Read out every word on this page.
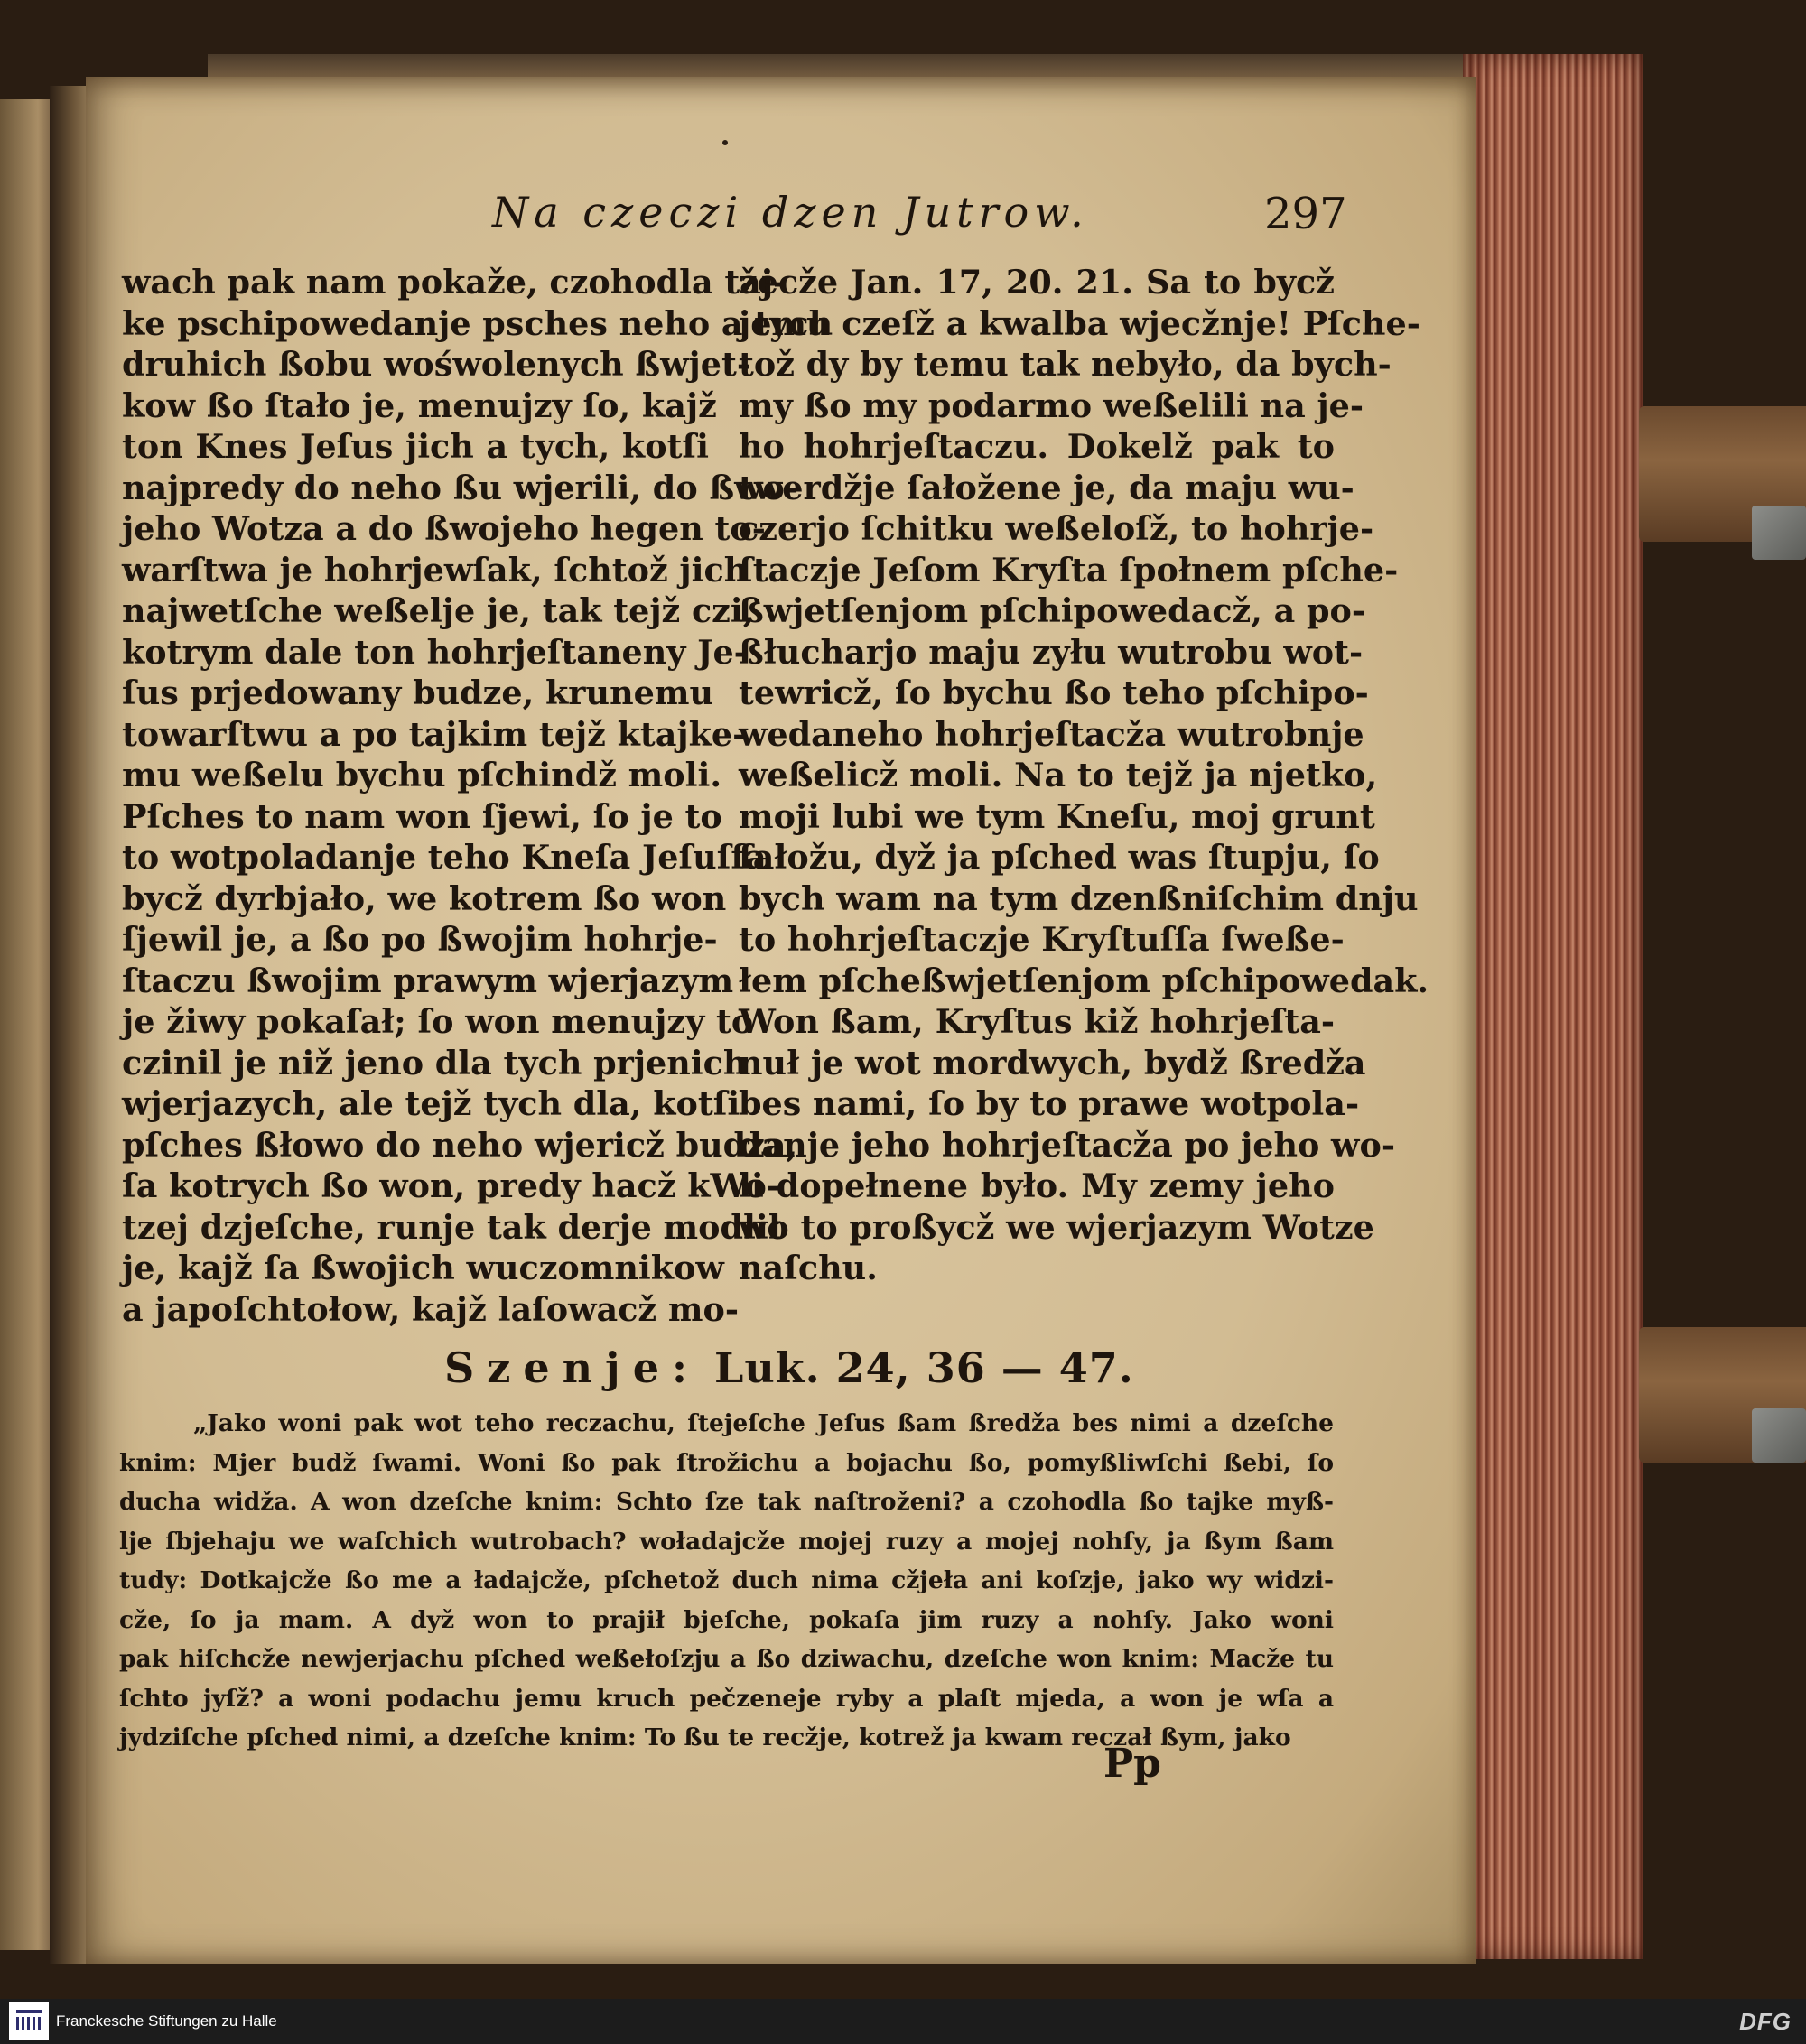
Na czeczi dzen Jutrow.	297
wach pak nam pokaže, czohodla taj-
ke pschipowedanje psches neho a tych
druhich ßobu wośwolenych ßwjet-
kow ßo ſtało je, menujzy ſo, kajž
ton Knes Jeſus jich a tych, kotſi
najpredy do neho ßu wjerili, do ßwo-
jeho Wotza a do ßwojeho hegen to-
warſtwa je hohrjewſak, ſchtož jich
najwetſche weßelje je, tak tejž czi,
kotrym dale ton hohrjeſtaneny Je-
ſus prjedowany budze, krunemu
towarſtwu a po tajkim tejž ktajke-
mu weßelu bychu pſchindž moli.
Pſches to nam won ſjewi, ſo je to
to wotpoladanje teho Kneſa Jeſuſſa
bycž dyrbjało, we kotrem ßo won
ſjewil je, a ßo po ßwojim hohrje-
ſtaczu ßwojim prawym wjerjazym
je žiwy pokaſał; ſo won menujzy to
czinil je niž jeno dla tych prjenich
wjerjazych, ale tejž tych dla, kotſi
pſches ßłowo do neho wjericž budza,
ſa kotrych ßo won, predy hacž kWo-
tzej dzjeſche, runje tak derje modlił
je, kajž ſa ßwojich wuczomnikow
a japoſchtołow, kajž laſowacž mo-
žecže Jan. 17, 20. 21. Sa to bycž
jemu czeſž a kwalba wjecžnje! Pſche-
tož dy by temu tak nebyło, da bych-
my ßo my podarmo weßelili na je-
ho hohrjeſtaczu. Dokelž pak to
twerdžje ſałožene je, da maju wu-
czerjo ſchitku weßeloſž, to hohrje-
ſtaczje Jeſom Kryſta ſpołnem pſche-
ßwjetſenjom pſchipowedacž, a po-
ßłucharjo maju zyłu wutrobu wot-
tewricž, ſo bychu ßo teho pſchipo-
wedaneho hohrjeſtacža wutrobnje
weßelicž moli. Na to tejž ja njetko,
moji lubi we tym Kneſu, moj grunt
ſałožu, dyž ja pſched was ſtupju, ſo
bych wam na tym dzenßniſchim dnju
to hohrjeſtaczje Kryſtuſſa ſweße-
łem pſcheßwjetſenjom pſchipowedak.
Won ßam, Kryſtus kiž hohrjeſta-
nuł je wot mordwych, bydž ßredža
bes nami, ſo by to prawe wotpola-
danje jeho hohrjeſtacža po jeho wo-
li dopełnene było. My zemy jeho
wo to proßycž we wjerjazym Wotze
naſchu.
Szenje: Luk. 24, 36 — 47.
„Jako woni pak wot teho reczachu, ſtejeſche Jeſus ßam ßredža bes nimi a dzeſche
knim: Mjer budž ſwami. Woni ßo pak ſtrožichu a bojachu ßo, pomyßliwſchi ßebi, ſo
ducha widža. A won dzeſche knim: Schto ſze tak naſtroženi? a czohodla ßo tajke myß-
lje ſbjehaju we waſchich wutrobach? woładajcže mojej ruzy a mojej nohſy, ja ßym ßam
tudy: Dotkajcže ßo me a ładajcže, pſchetož duch nima cžjeła ani koſzje, jako wy widzi-
cže, ſo ja mam. A dyž won to prajił bjeſche, pokaſa jim ruzy a nohſy. Jako woni
pak hiſchcže newjerjachu pſched weßełoſzju a ßo dziwachu, dzeſche won knim: Macže tu
ſchto jyſž? a woni podachu jemu kruch pečzeneje ryby a plaſt mjeda, a won je wſa a
jydziſche pſched nimi, a dzeſche knim: To ßu te recžje, kotrež ja kwam reczał ßym, jako
Pp
Franckesche Stiftungen zu Halle	DFG
